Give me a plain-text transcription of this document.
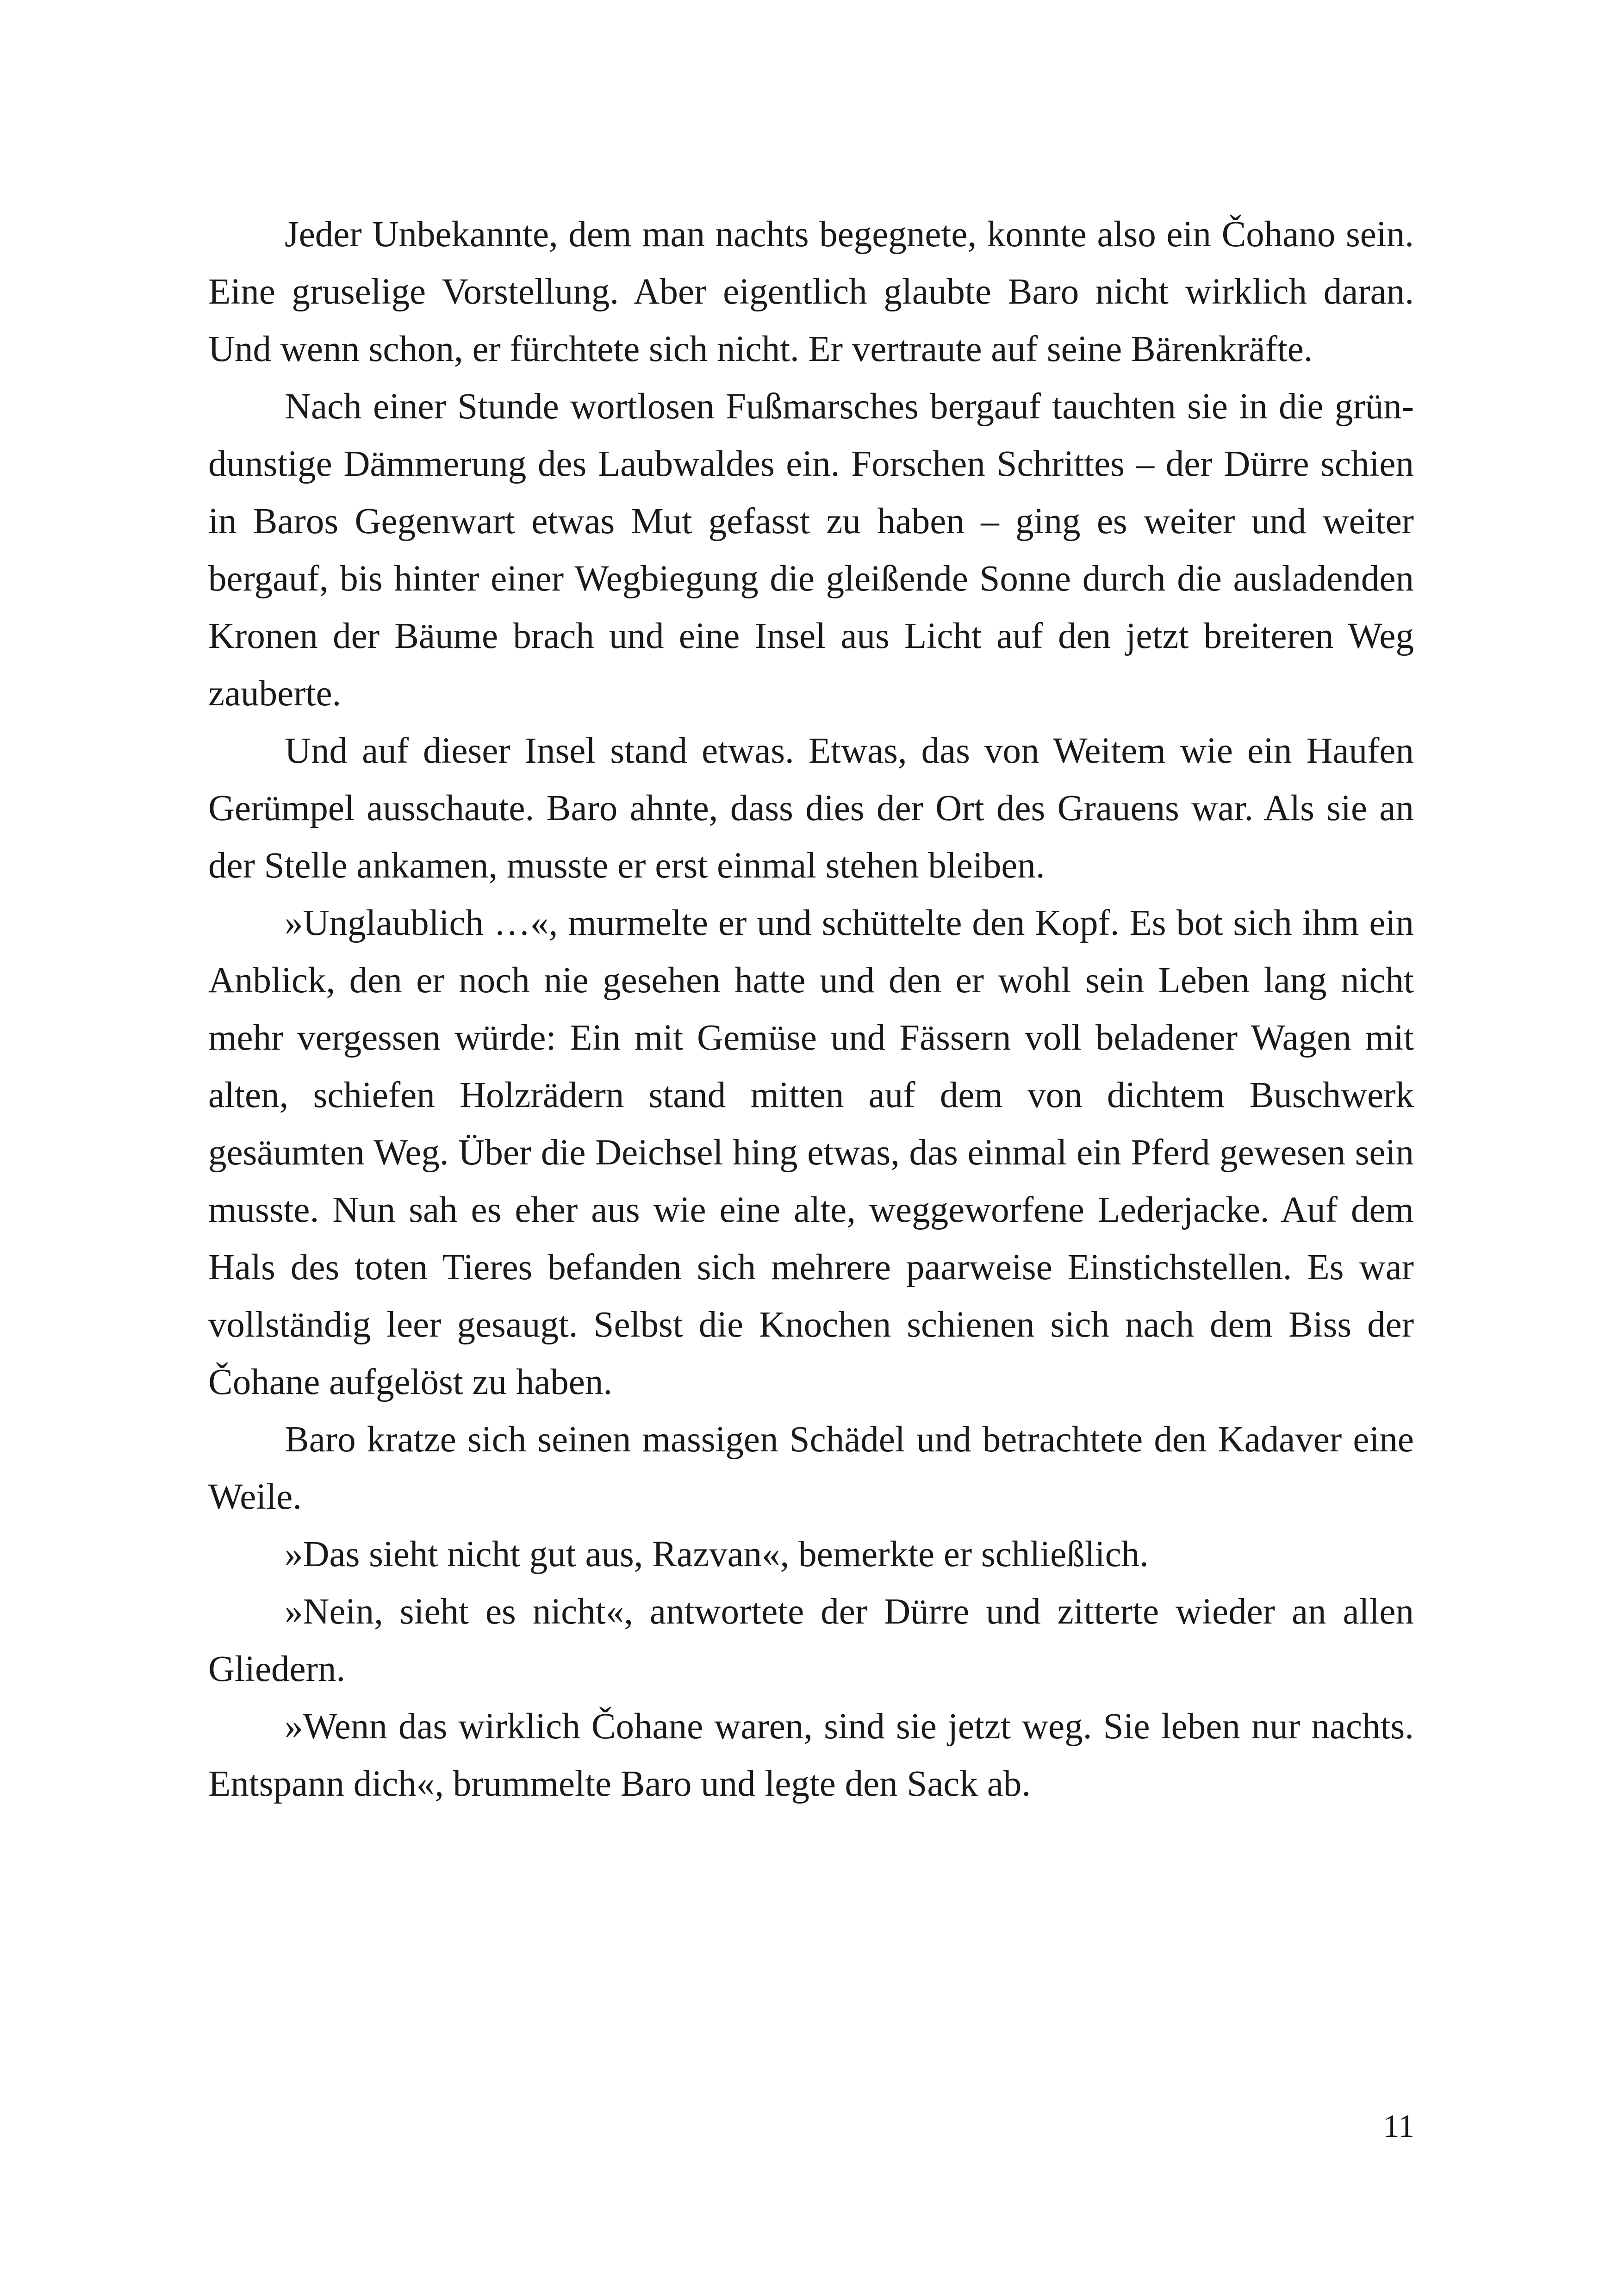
Jeder Unbekannte, dem man nachts begegnete, konnte also ein Čohano sein. Eine gruselige Vorstellung. Aber eigentlich glaubte Baro nicht wirklich daran. Und wenn schon, er fürchtete sich nicht. Er vertraute auf seine Bärenkräfte.

Nach einer Stunde wortlosen Fußmarsches bergauf tauchten sie in die grün-dunstige Dämmerung des Laubwaldes ein. Forschen Schrittes – der Dürre schien in Baros Gegenwart etwas Mut gefasst zu haben – ging es weiter und weiter bergauf, bis hinter einer Wegbiegung die gleißende Sonne durch die ausladenden Kronen der Bäume brach und eine Insel aus Licht auf den jetzt breiteren Weg zauberte.

Und auf dieser Insel stand etwas. Etwas, das von Weitem wie ein Haufen Gerümpel ausschaute. Baro ahnte, dass dies der Ort des Grauens war. Als sie an der Stelle ankamen, musste er erst einmal stehen bleiben.

»Unglaublich …«, murmelte er und schüttelte den Kopf. Es bot sich ihm ein Anblick, den er noch nie gesehen hatte und den er wohl sein Leben lang nicht mehr vergessen würde: Ein mit Gemüse und Fässern voll beladener Wagen mit alten, schiefen Holzrädern stand mitten auf dem von dichtem Buschwerk gesäumten Weg. Über die Deichsel hing etwas, das einmal ein Pferd gewesen sein musste. Nun sah es eher aus wie eine alte, weggeworfene Lederjacke. Auf dem Hals des toten Tieres befanden sich mehrere paarweise Einstichstellen. Es war vollständig leer gesaugt. Selbst die Knochen schienen sich nach dem Biss der Čohane aufgelöst zu haben.

Baro kratze sich seinen massigen Schädel und betrachtete den Kadaver eine Weile.

»Das sieht nicht gut aus, Razvan«, bemerkte er schließlich.

»Nein, sieht es nicht«, antwortete der Dürre und zitterte wieder an allen Gliedern.

»Wenn das wirklich Čohane waren, sind sie jetzt weg. Sie leben nur nachts. Entspann dich«, brummelte Baro und legte den Sack ab.

11
